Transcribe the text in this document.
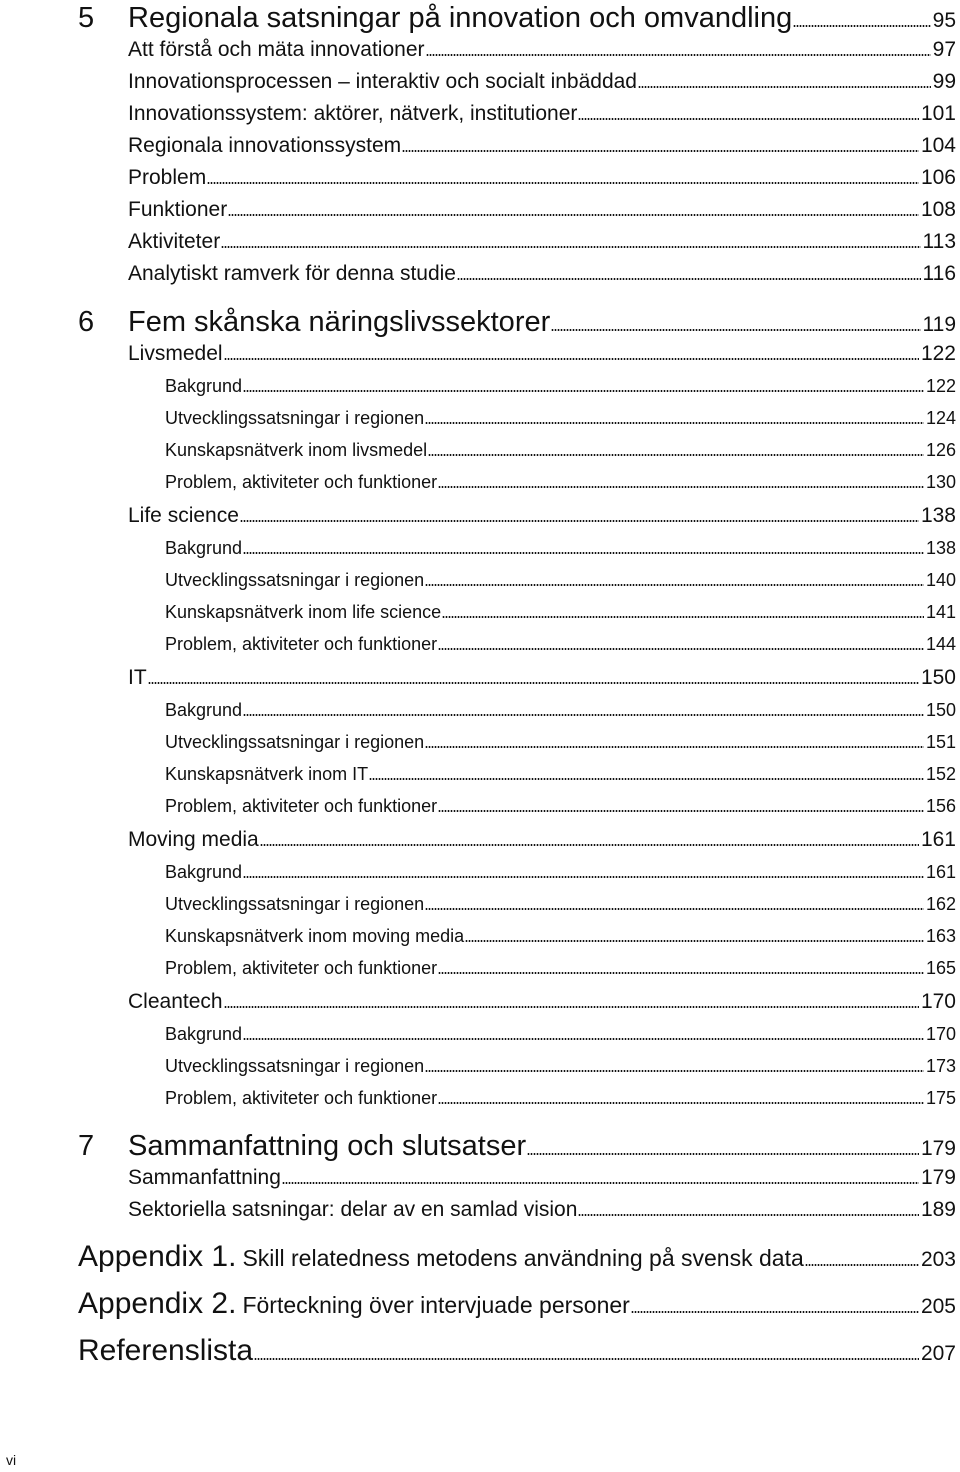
5 Regionala satsningar på innovation och omvandling	95
Att förstå och mäta innovationer	97
Innovationsprocessen – interaktiv och socialt inbäddad	99
Innovationssystem: aktörer, nätverk, institutioner	101
Regionala innovationssystem	104
Problem	106
Funktioner	108
Aktiviteter	113
Analytiskt ramverk för denna studie	116
6 Fem skånska näringslivssektorer	119
Livsmedel	122
Bakgrund	122
Utvecklingssatsningar i regionen	124
Kunskapsnätverk inom livsmedel	126
Problem, aktiviteter och funktioner	130
Life science	138
Bakgrund	138
Utvecklingssatsningar i regionen	140
Kunskapsnätverk inom life science	141
Problem, aktiviteter och funktioner	144
IT	150
Bakgrund	150
Utvecklingssatsningar i regionen	151
Kunskapsnätverk inom IT	152
Problem, aktiviteter och funktioner	156
Moving media	161
Bakgrund	161
Utvecklingssatsningar i regionen	162
Kunskapsnätverk inom moving media	163
Problem, aktiviteter och funktioner	165
Cleantech	170
Bakgrund	170
Utvecklingssatsningar i regionen	173
Problem, aktiviteter och funktioner	175
7 Sammanfattning och slutsatser	179
Sammanfattning	179
Sektoriella satsningar: delar av en samlad vision	189
Appendix 1. Skill relatedness metodens användning på svensk data	203
Appendix 2. Förteckning över intervjuade personer	205
Referenslista	207
vi
